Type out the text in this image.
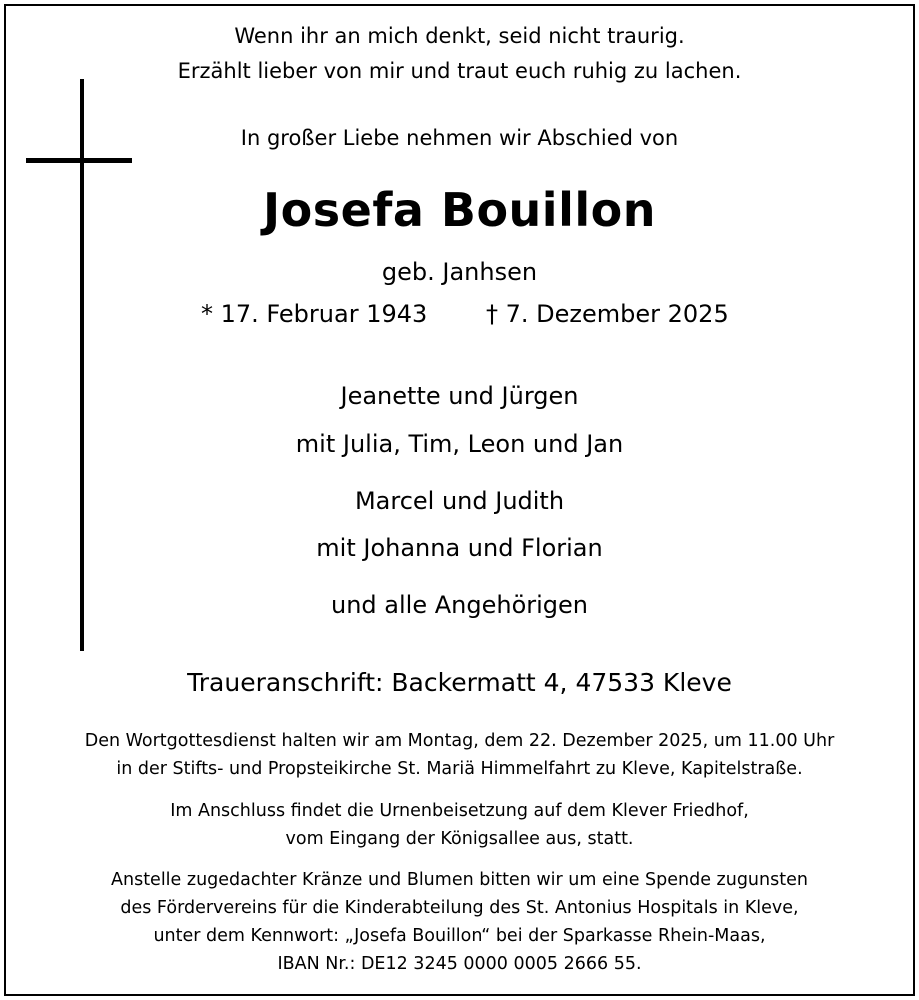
Wenn ihr an mich denkt, seid nicht traurig.
Erzählt lieber von mir und traut euch ruhig zu lachen.
In großer Liebe nehmen wir Abschied von
Josefa Bouillon
geb. Janhsen
* 17. Februar 1943 † 7. Dezember 2025
Jeanette und Jürgen
mit Julia, Tim, Leon und Jan
Marcel und Judith
mit Johanna und Florian
und alle Angehörigen
Traueranschrift: Backermatt 4, 47533 Kleve
Den Wortgottesdienst halten wir am Montag, dem 22. Dezember 2025, um 11.00 Uhr
in der Stifts- und Propsteikirche St. Mariä Himmelfahrt zu Kleve, Kapitelstraße.
Im Anschluss findet die Urnenbeisetzung auf dem Klever Friedhof,
vom Eingang der Königsallee aus, statt.
Anstelle zugedachter Kränze und Blumen bitten wir um eine Spende zugunsten
des Fördervereins für die Kinderabteilung des St. Antonius Hospitals in Kleve,
unter dem Kennwort: „Josefa Bouillon“ bei der Sparkasse Rhein-Maas,
IBAN Nr.: DE12 3245 0000 0005 2666 55.
